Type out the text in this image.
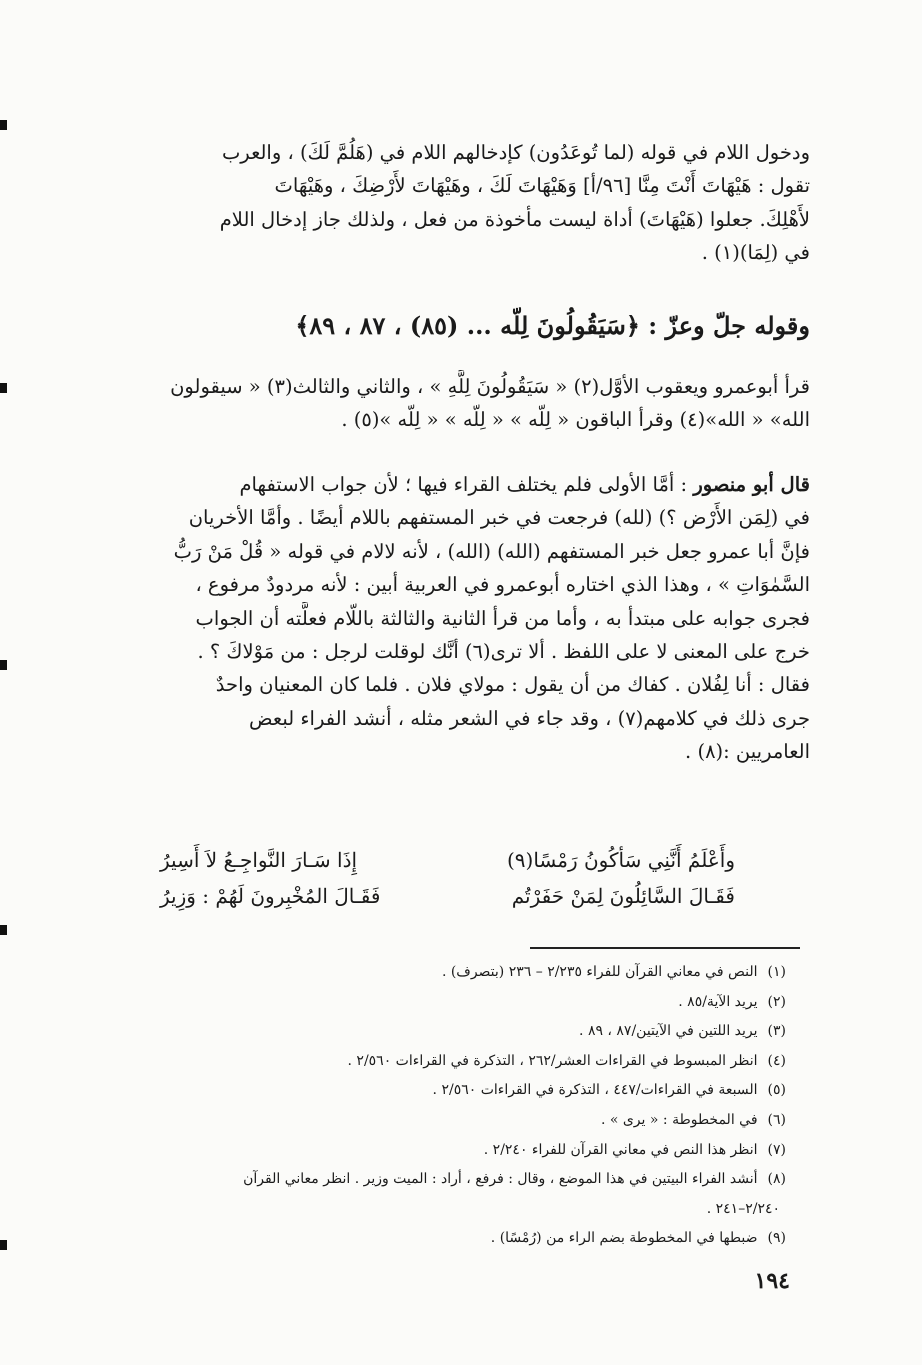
ودخول اللام في قوله (لما تُوعَدُون) كإدخالهم اللام في (هَلُمَّ لَكَ) ، والعرب
تقول : هَيْهَاتَ أَنْتَ مِنَّا [٩٦/أ] وَهَيْهَاتَ لَكَ ، وهَيْهَاتَ لأَرْضِكَ ، وهَيْهَاتَ
لأَهْلِكَ. جعلوا (هَيْهَاتَ) أداة ليست مأخوذة من فعل ، ولذلك جاز إدخال اللام
في (لِمَا)(١) .
وقوله جلّ وعزّ : ﴿سَيَقُولُونَ لِلّه ... (٨٥) ، ٨٧ ، ٨٩﴾
قرأ أبوعمرو ويعقوب الأوَّل(٢) « سَيَقُولُونَ لِلَّهِ » ، والثاني والثالث(٣) « سيقولون
الله» « الله»(٤) وقرأ الباقون « لِلّه » « لِلّه » « لِلّه »(٥) .
قال أبو منصور : أمَّا الأولى فلم يختلف القراء فيها ؛ لأن جواب الاستفهام
في (لِمَن الأَرْض ؟) (لله) فرجعت في خبر المستفهم باللام أيضًا . وأمَّا الأخريان
فإنَّ أبا عمرو جعل خبر المستفهم (الله) (الله) ، لأنه لالام في قوله « قُلْ مَنْ رَبُّ
السَّمٰوَاتِ » ، وهذا الذي اختاره أبوعمرو في العربية أبين : لأنه مردودٌ مرفوع ،
فجرى جوابه على مبتدأ به ، وأما من قرأ الثانية والثالثة باللّام فعلَّته أن الجواب
خرج على المعنى لا على اللفظ . ألا ترى(٦) أنَّك لوقلت لرجل : من مَوْلاكَ ؟ .
فقال : أنا لِفُلان . كفاك من أن يقول : مولاي فلان . فلما كان المعنيان واحدٌ
جرى ذلك في كلامهم(٧) ، وقد جاء في الشعر مثله ، أنشد الفراء لبعض
العامريين :(٨) .
وأَعْلَمُ أَنَّنِي سَأكُونُ رَمْسًا(٩)
إِذَا سَـارَ النَّواجِـعُ لاَ أَسِيرُ
فَقَـالَ السَّائِلُونَ لِمَنْ حَفَرْتُم
فَقَـالَ المُخْبِرونَ لَهُمْ : وَزِيرُ
(١)النص في معاني القرآن للفراء ٢/٢٣٥ – ٢٣٦ (بتصرف) .
(٢)يريد الآية/٨٥ .
(٣)يريد اللتين في الآيتين/٨٧ ، ٨٩ .
(٤)انظر المبسوط في القراءات العشر/٢٦٢ ، التذكرة في القراءات ٢/٥٦٠ .
(٥)السبعة في القراءات/٤٤٧ ، التذكرة في القراءات ٢/٥٦٠ .
(٦)في المخطوطة : « يرى » .
(٧)انظر هذا النص في معاني القرآن للفراء ٢/٢٤٠ .
(٨)أنشد الفراء البيتين في هذا الموضع ، وقال : فرفع ، أراد : الميت وزير . انظر معاني القرآن
٢/٢٤٠–٢٤١ .
(٩)ضبطها في المخطوطة بضم الراء من (رُمْسًا) .
١٩٤
